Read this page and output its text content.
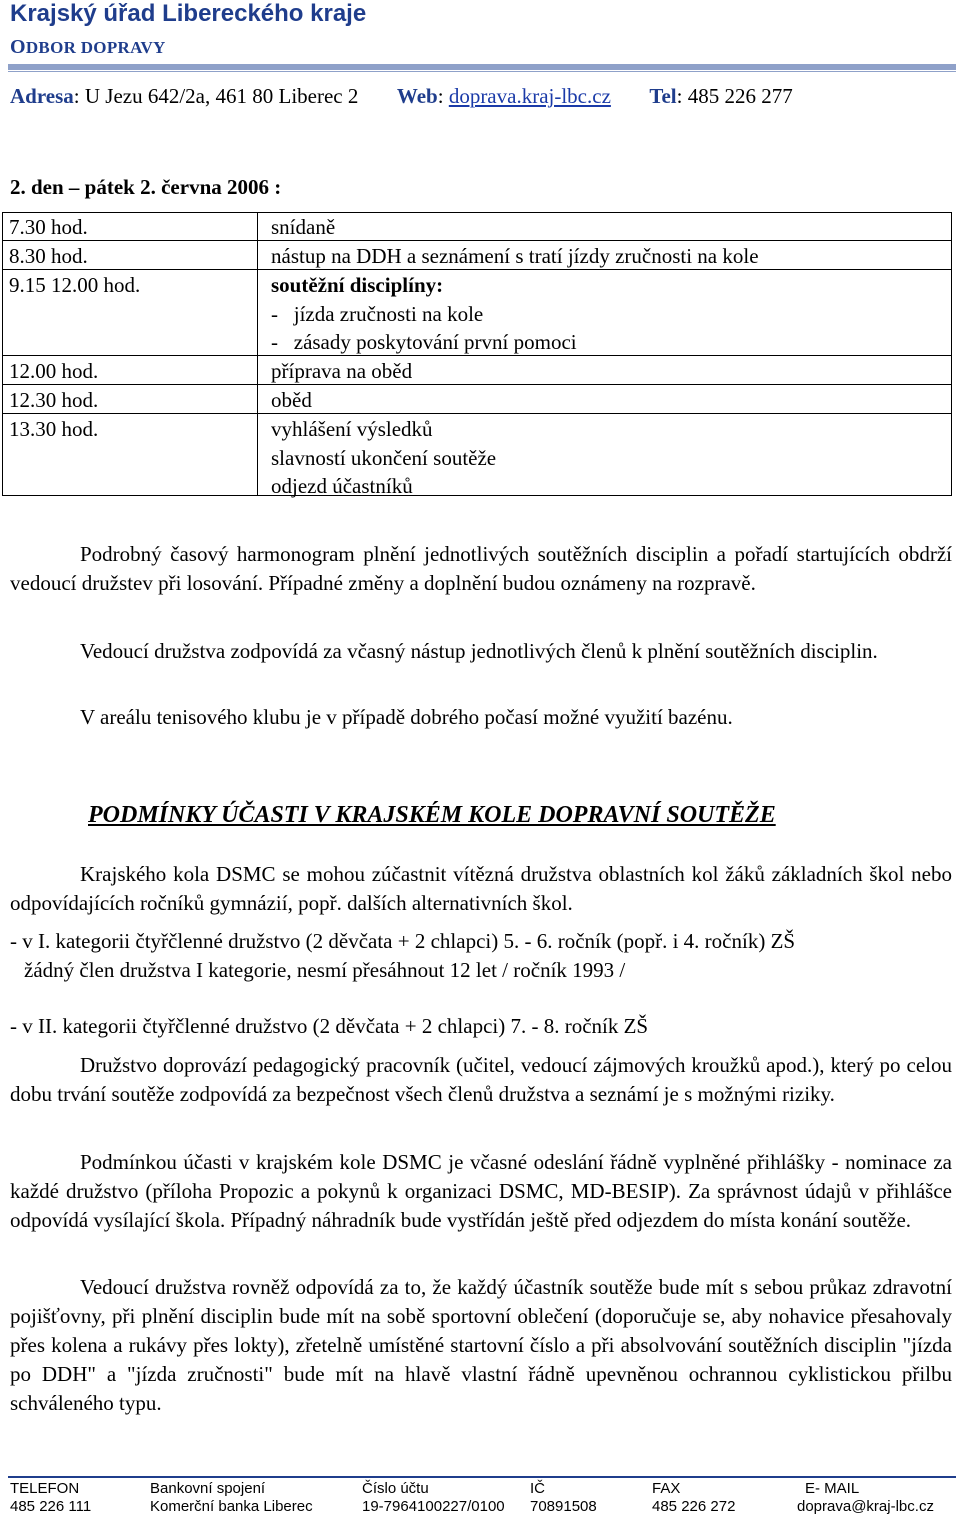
Krajský úřad Libereckého kraje
ODBOR DOPRAVY
Adresa: U Jezu 642/2a, 461 80 Liberec 2 Web: doprava.kraj-lbc.cz Tel: 485 226 277
2. den – pátek 2. června 2006 :
7.30 hod.	snídaně
8.30 hod.	nástup na DDH a seznámení s tratí jízdy zručnosti na kole
9.15 12.00 hod.	soutěžní disciplíny:
-   jízda zručnosti na kole
-   zásady poskytování první pomoci
12.00 hod.	příprava na oběd
12.30 hod.	oběd
13.30 hod.	vyhlášení výsledků
slavností ukončení soutěže
odjezd účastníků
Podrobný časový harmonogram plnění jednotlivých soutěžních disciplin a pořadí startujících obdrží vedoucí družstev při losování. Případné změny a doplnění budou oznámeny na rozpravě.
Vedoucí družstva zodpovídá za včasný nástup jednotlivých členů k plnění soutěžních disciplin.
V areálu tenisového klubu je v případě dobrého počasí možné využití bazénu.
PODMÍNKY ÚČASTI V KRAJSKÉM KOLE DOPRAVNÍ SOUTĚŽE
Krajského kola DSMC se mohou zúčastnit vítězná družstva oblastních kol žáků základních škol nebo odpovídajících ročníků gymnázií, popř. dalších alternativních škol.
- v I. kategorii čtyřčlenné družstvo (2 děvčata + 2 chlapci) 5. - 6. ročník (popř. i 4. ročník) ZŠ
žádný člen družstva I kategorie, nesmí přesáhnout 12 let / ročník 1993 /
- v II. kategorii čtyřčlenné družstvo (2 děvčata + 2 chlapci) 7. - 8. ročník ZŠ
Družstvo doprovází pedagogický pracovník (učitel, vedoucí zájmových kroužků apod.), který po celou dobu trvání soutěže zodpovídá za bezpečnost všech členů družstva a seznámí je s možnými riziky.
Podmínkou účasti v krajském kole DSMC je včasné odeslání řádně vyplněné přihlášky - nominace za každé družstvo (příloha Propozic a pokynů k organizaci DSMC, MD-BESIP). Za správnost údajů v přihlášce odpovídá vysílající škola. Případný náhradník bude vystřídán ještě před odjezdem do místa konání soutěže.
Vedoucí družstva rovněž odpovídá za to, že každý účastník soutěže bude mít s sebou průkaz zdravotní pojišťovny, při plnění disciplin bude mít na sobě sportovní oblečení (doporučuje se, aby nohavice přesahovaly přes kolena a rukávy přes lokty), zřetelně umístěné startovní číslo a při absolvování soutěžních disciplin "jízda po DDH" a "jízda zručnosti" bude mít na hlavě vlastní řádně upevněnou ochrannou cyklistickou přilbu schváleného typu.
TELEFON	Bankovní spojení	Číslo účtu	IČ	FAX	E- MAIL
485 226 111	Komerční banka Liberec	19-7964100227/0100 70891508	485 226 272	doprava@kraj-lbc.cz
